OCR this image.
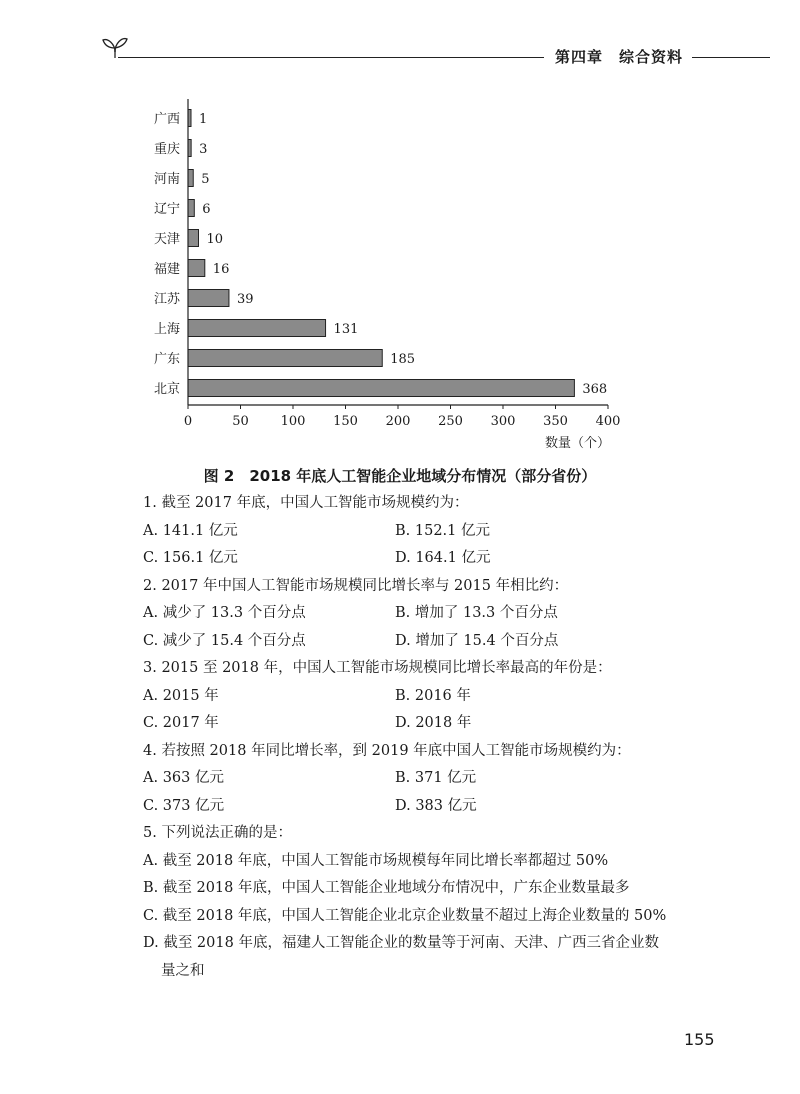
第四章　综合资料
广西 1
重庆 3
河南 5
辽宁 6
天津 10
福建	16
江苏	39
上海	131
广东	185
北京	368
0	50 100 150 200 250 300 350 400
数量（个）
图 2　2018 年底人工智能企业地域分布情况（部分省份）
1. 截至 2017 年底，中国人工智能市场规模约为：
A. 141.1 亿元	B. 152.1 亿元
C. 156.1 亿元	D. 164.1 亿元
2. 2017 年中国人工智能市场规模同比增长率与 2015 年相比约：
A. 减少了 13.3 个百分点	B. 增加了 13.3 个百分点
C. 减少了 15.4 个百分点	D. 增加了 15.4 个百分点
3. 2015 至 2018 年，中国人工智能市场规模同比增长率最高的年份是：
A. 2015 年	B. 2016 年
C. 2017 年	D. 2018 年
4. 若按照 2018 年同比增长率，到 2019 年底中国人工智能市场规模约为：
A. 363 亿元	B. 371 亿元
C. 373 亿元	D. 383 亿元
5. 下列说法正确的是：
A. 截至 2018 年底，中国人工智能市场规模每年同比增长率都超过 50%
B. 截至 2018 年底，中国人工智能企业地域分布情况中，广东企业数量最多
C. 截至 2018 年底，中国人工智能企业北京企业数量不超过上海企业数量的 50%
D. 截至 2018 年底，福建人工智能企业的数量等于河南、天津、广西三省企业数
量之和
155
